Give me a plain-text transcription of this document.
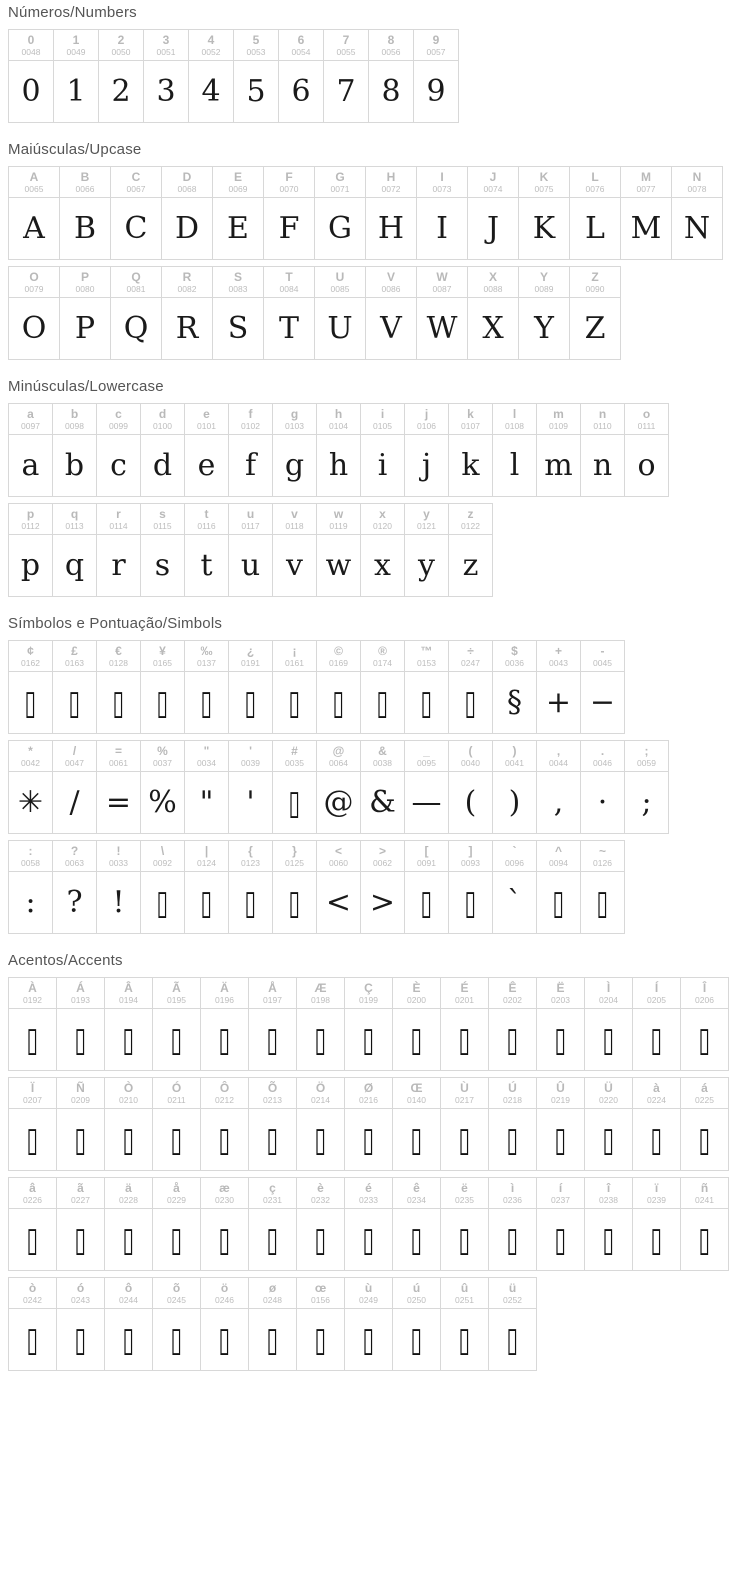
Números/Numbers
0
0048
1
0049
2
0050
3
0051
4
0052
5
0053
6
0054
7
0055
8
0056
9
0057
0 1 2 3 4 5 6 7 8 9
Maiúsculas/Upcase
A
0065
B
0066
C
0067
D
0068
E
0069
F
0070
G
0071
H
0072
I
0073
J
0074
K
0075
L
0076
M
0077
N
0078
A B C D E F G H I J K L M N
O
0079
P
0080
Q
0081
R
0082
S
0083
T
0084
U
0085
V
0086
W
0087
X
0088
Y
0089
Z
0090
O P Q R S T U V W X Y Z
Minúsculas/Lowercase
a
0097
b
0098
c
0099
d
0100
e
0101
f
0102
g
0103
h
0104
i
0105
j
0106
k
0107
l
0108
m
0109
n
0110
o
0111
a b c d e f g h i j k l m n o
p
0112
q
0113
r
0114
s
0115
t
0116
u
0117
v
0118
w
0119
x
0120
y
0121
z
0122
p q r s t u v w x y z
Símbolos e Pontuação/Simbols
¢
0162
£
0163
€
0128
¥
0165
‰
0137
¿
0191
¡
0161
©
0169
®
0174
™
0153
÷
0247
$
0036
+
0043
-
0045
▯ ▯ ▯ ▯ ▯ ▯ ▯ ▯ ▯ ▯ ▯ § + −
*
0042
/
0047
=
0061
%
0037
"
0034
'
0039
#
0035
@
0064
&
0038
_
0095
(
0040
)
0041
,
0044
.
0046
;
0059
✳ / = % " ' ▯ @ & — ( ) , · ;
:
0058
?
0063
!
0033
\
0092
|
0124
{
0123
}
0125
<
0060
>
0062
[
0091
]
0093
`
0096
^
0094
~
0126
: ? ! ▯ ▯ ▯ ▯ < > ▯ ▯ ` ▯ ▯
Acentos/Accents
À
0192
Á
0193
Â
0194
Ã
0195
Ä
0196
Å
0197
Æ
0198
Ç
0199
È
0200
É
0201
Ê
0202
Ë
0203
Ì
0204
Í
0205
Î
0206
▯ ▯ ▯ ▯ ▯ ▯ ▯ ▯ ▯ ▯ ▯ ▯ ▯ ▯ ▯
Ï
0207
Ñ
0209
Ò
0210
Ó
0211
Ô
0212
Õ
0213
Ö
0214
Ø
0216
Œ
0140
Ù
0217
Ú
0218
Û
0219
Ü
0220
à
0224
á
0225
▯ ▯ ▯ ▯ ▯ ▯ ▯ ▯ ▯ ▯ ▯ ▯ ▯ ▯ ▯
â
0226
ã
0227
ä
0228
å
0229
æ
0230
ç
0231
è
0232
é
0233
ê
0234
ë
0235
ì
0236
í
0237
î
0238
ï
0239
ñ
0241
▯ ▯ ▯ ▯ ▯ ▯ ▯ ▯ ▯ ▯ ▯ ▯ ▯ ▯ ▯
ò
0242
ó
0243
ô
0244
õ
0245
ö
0246
ø
0248
œ
0156
ù
0249
ú
0250
û
0251
ü
0252
▯ ▯ ▯ ▯ ▯ ▯ ▯ ▯ ▯ ▯ ▯
